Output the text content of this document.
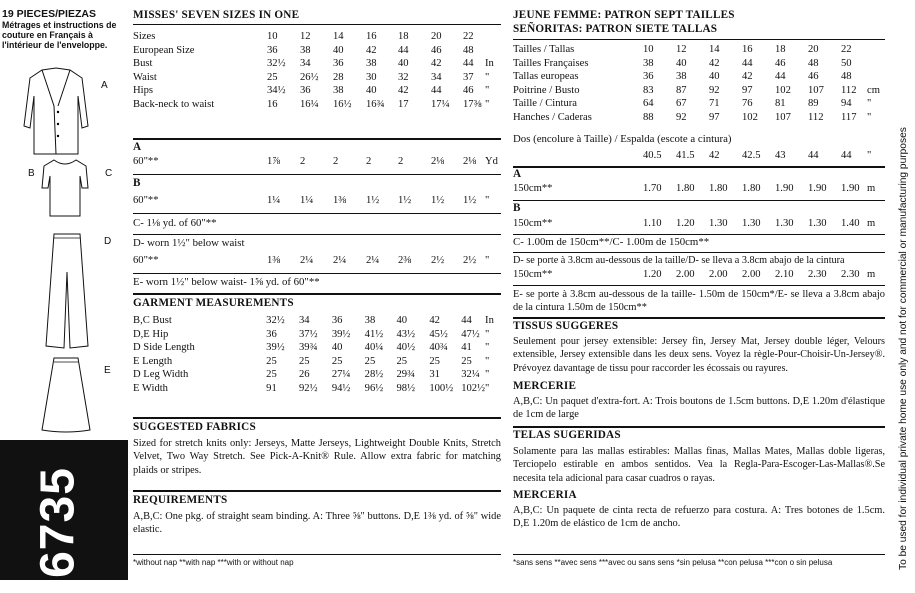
19 PIECES/PIEZAS
Métrages et instructions de couture en Français à l'intérieur de l'enveloppe.
A
B	C
D
E
6735
MISSES' SEVEN SIZES IN ONE
Sizes	10	12	14	16	18	20	22	
European Size	36	38	40	42	44	46	48	
Bust	32½	34	36	38	40	42	44	In
Waist	25	26½	28	30	32	34	37	"
Hips	34½	36	38	40	42	44	46	"
Back-neck to waist	16	16¼	16½	16¾	17	17¼	17⅜	"
A
60"**	1⅞	2	2	2	2	2⅛	2⅛	Yd
B
60"**	1¼	1¼	1⅜	1½	1½	1½	1½	"
C- 1⅛ yd. of 60"**
D- worn 1½" below waist
60"**	1⅜	2¼	2¼	2¼	2⅜	2½	2½	"
E- worn 1½" below waist- 1⅝ yd. of 60"**
GARMENT MEASUREMENTS
B,C Bust	32½	34	36	38	40	42	44	In
D,E Hip	36	37½	39½	41½	43½	45½	47½	"
D Side Length	39½	39¾	40	40¼	40½	40¾	41	"
E Length	25	25	25	25	25	25	25	"
D Leg Width	25	26	27¼	28½	29¾	31	32¼	"
E Width	91	92½	94½	96½	98½	100½	102½	"
SUGGESTED FABRICS
Sized for stretch knits only: Jerseys, Matte Jerseys, Lightweight Double Knits, Stretch Velvet, Two Way Stretch. See Pick-A-Knit® Rule. Allow extra fabric for matching plaids or stripes.
REQUIREMENTS
A,B,C: One pkg. of straight seam binding. A: Three ⅝" buttons. D,E 1⅜ yd. of ⅝" wide elastic.
*without nap **with nap ***with or without nap
JEUNE FEMME: PATRON SEPT TAILLES
SEÑORITAS: PATRON SIETE TALLAS
Tailles / Tallas	10	12	14	16	18	20	22	
Tailles Françaises	38	40	42	44	46	48	50	
Tallas europeas	36	38	40	42	44	46	48	
Poitrine / Busto	83	87	92	97	102	107	112	cm
Taille / Cintura	64	67	71	76	81	89	94	"
Hanches / Caderas	88	92	97	102	107	112	117	"
Dos (encolure à Taille) / Espalda (escote a cintura)
	40.5	41.5	42	42.5	43	44	44	"
A
150cm**	1.70	1.80	1.80	1.80	1.90	1.90	1.90	m
B
150cm**	1.10	1.20	1.30	1.30	1.30	1.30	1.40	m
C- 1.00m de 150cm**/C- 1.00m de 150cm**
D- se porte à 3.8cm au-dessous de la taille/D- se lleva a 3.8cm abajo de la cintura
150cm**	1.20	2.00	2.00	2.00	2.10	2.30	2.30	m
E- se porte à 3.8cm au-dessous de la taille- 1.50m de 150cm*/E- se lleva a 3.8cm abajo de la cintura 1.50m de 150cm**
TISSUS SUGGERES
Seulement pour jersey extensible: Jersey fin, Jersey Mat, Jersey double léger, Velours extensible, Jersey extensible dans les deux sens. Voyez la règle-Pour-Choisir-Un-Jersey®. Prévoyez davantage de tissu pour raccorder les écossais ou rayures.
MERCERIE
A,B,C: Un paquet d'extra-fort. A: Trois boutons de 1.5cm buttons. D,E 1.20m d'élastique de 1cm de large
TELAS SUGERIDAS
Solamente para las mallas estirables: Mallas finas, Mallas Mates, Mallas doble ligeras, Terciopelo estirable en ambos sentidos. Vea la Regla-Para-Escoger-Las-Mallas®.Se necesita tela adicional para casar cuadros o rayas.
MERCERIA
A,B,C: Un paquete de cinta recta de refuerzo para costura. A: Tres botones de 1.5cm. D,E 1.20m de elástico de 1cm de ancho.
*sans sens **avec sens ***avec ou sans sens *sin pelusa **con pelusa ***con o sin pelusa	To be used for individual private home use only and not for commercial or manufacturing purposes
